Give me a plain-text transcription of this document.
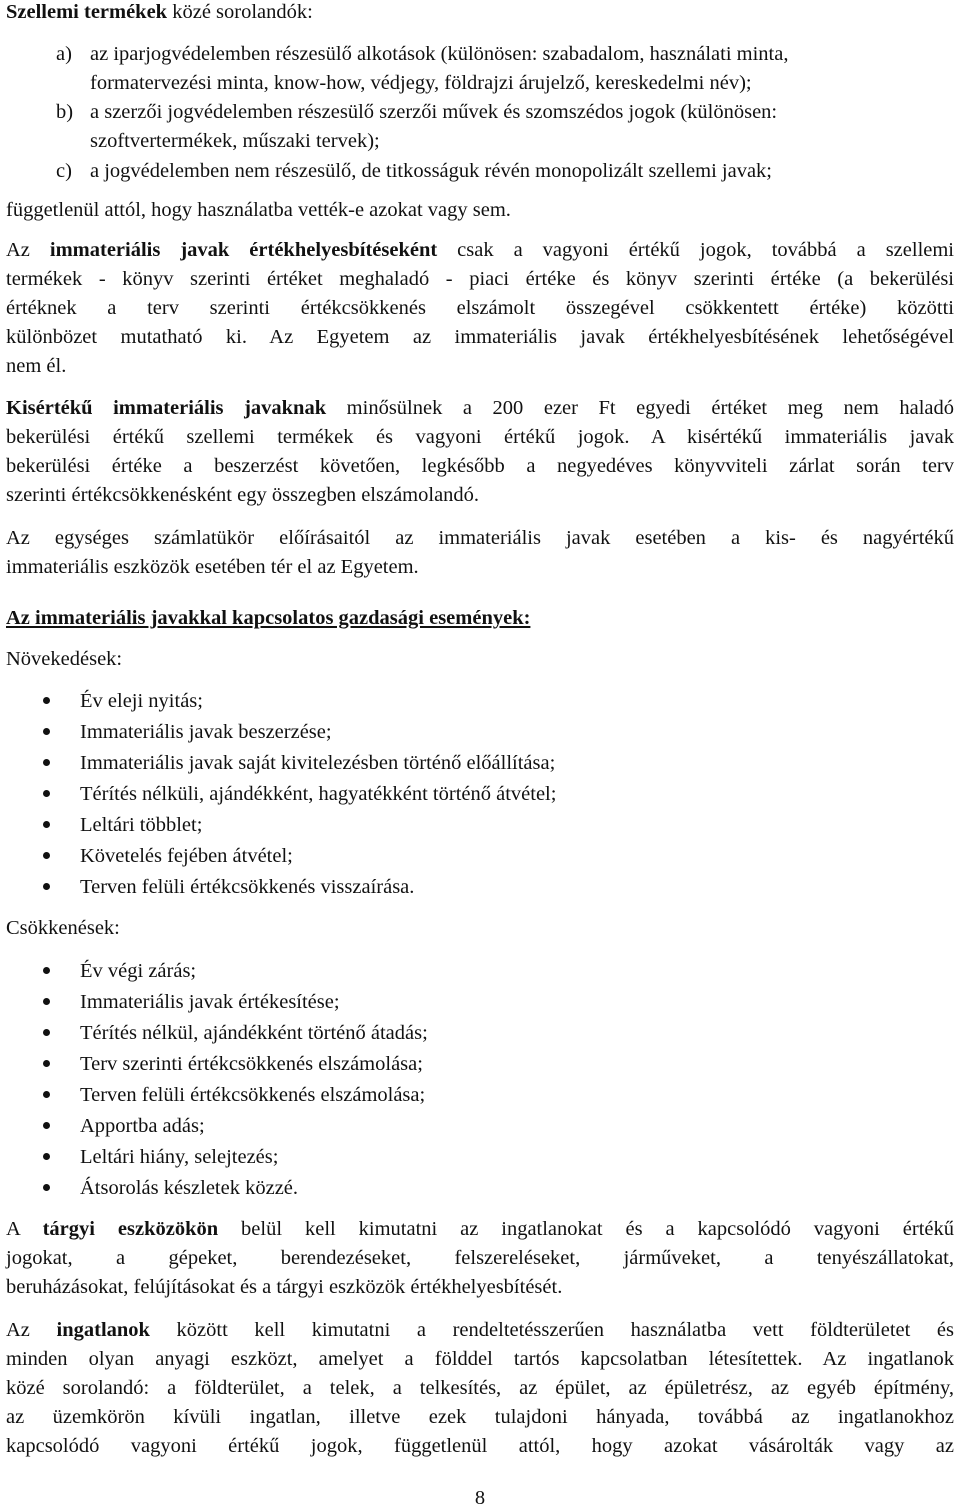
Szellemi termékek közé sorolandók:
a) az iparjogvédelemben részesülő alkotások (különösen: szabadalom, használati minta,
formatervezési minta, know-how, védjegy, földrajzi árujelző, kereskedelmi név);
b) a szerzői jogvédelemben részesülő szerzői művek és szomszédos jogok (különösen:
szoftvertermékek, műszaki tervek);
c) a jogvédelemben nem részesülő, de titkosságuk révén monopolizált szellemi javak;
függetlenül attól, hogy használatba vették-e azokat vagy sem.
Az immateriális javak értékhelyesbítéseként csak a vagyoni értékű jogok, továbbá a szellemi
termékek - könyv szerinti értéket meghaladó - piaci értéke és könyv szerinti értéke (a bekerülési
értéknek a terv szerinti értékcsökkenés elszámolt összegével csökkentett értéke) közötti
különbözet mutatható ki. Az Egyetem az immateriális javak értékhelyesbítésének lehetőségével
nem él.
Kisértékű immateriális javaknak minősülnek a 200 ezer Ft egyedi értéket meg nem haladó
bekerülési értékű szellemi termékek és vagyoni értékű jogok. A kisértékű immateriális javak
bekerülési értéke a beszerzést követően, legkésőbb a negyedéves könyvviteli zárlat során terv
szerinti értékcsökkenésként egy összegben elszámolandó.
Az egységes számlatükör előírásaitól az immateriális javak esetében a kis- és nagyértékű
immateriális eszközök esetében tér el az Egyetem.
Az immateriális javakkal kapcsolatos gazdasági események:
Növekedések:
Év eleji nyitás;
Immateriális javak beszerzése;
Immateriális javak saját kivitelezésben történő előállítása;
Térítés nélküli, ajándékként, hagyatékként történő átvétel;
Leltári többlet;
Követelés fejében átvétel;
Terven felüli értékcsökkenés visszaírása.
Csökkenések:
Év végi zárás;
Immateriális javak értékesítése;
Térítés nélkül, ajándékként történő átadás;
Terv szerinti értékcsökkenés elszámolása;
Terven felüli értékcsökkenés elszámolása;
Apportba adás;
Leltári hiány, selejtezés;
Átsorolás készletek közzé.
A tárgyi eszközökön belül kell kimutatni az ingatlanokat és a kapcsolódó vagyoni értékű
jogokat, a gépeket, berendezéseket, felszereléseket, járműveket, a tenyészállatokat,
beruházásokat, felújításokat és a tárgyi eszközök értékhelyesbítését.
Az ingatlanok között kell kimutatni a rendeltetésszerűen használatba vett földterületet és
minden olyan anyagi eszközt, amelyet a földdel tartós kapcsolatban létesítettek. Az ingatlanok
közé sorolandó: a földterület, a telek, a telkesítés, az épület, az épületrész, az egyéb építmény,
az üzemkörön kívüli ingatlan, illetve ezek tulajdoni hányada, továbbá az ingatlanokhoz
kapcsolódó vagyoni értékű jogok, függetlenül attól, hogy azokat vásárolták vagy az
8
